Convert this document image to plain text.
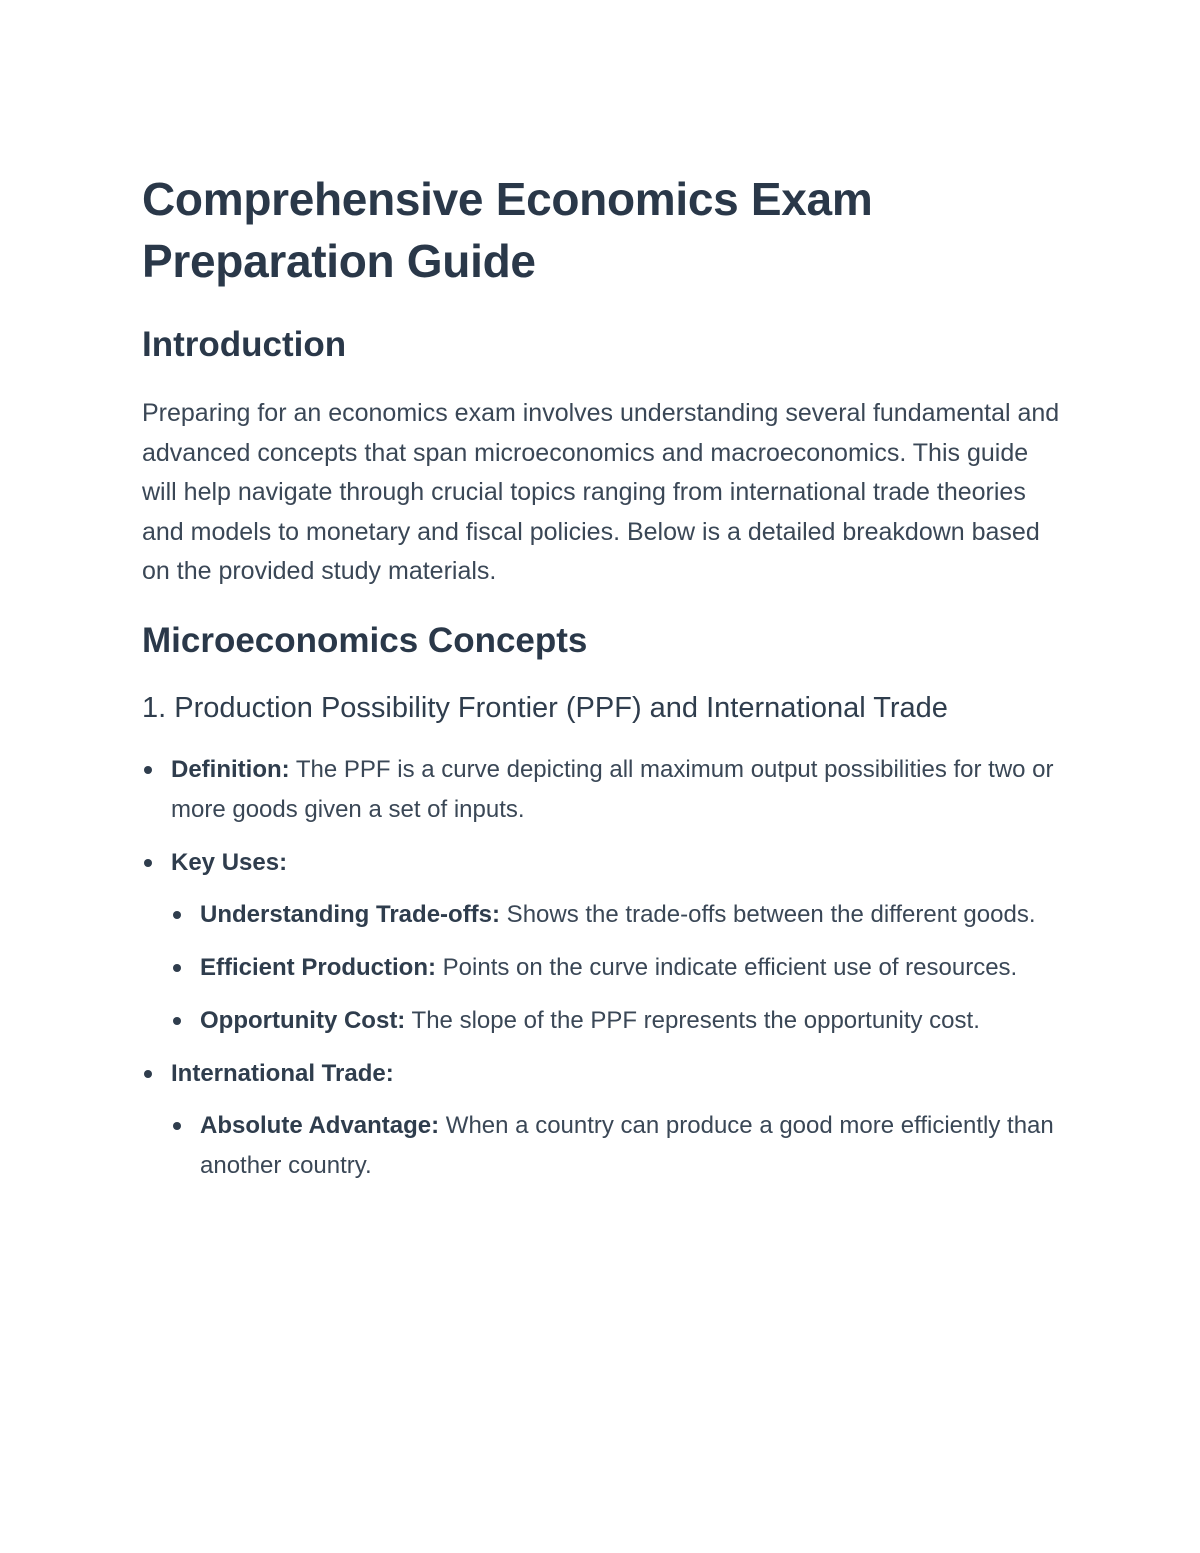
Comprehensive Economics Exam Preparation Guide
Introduction

Preparing for an economics exam involves understanding several fundamental and advanced concepts that span microeconomics and macroeconomics. This guide will help navigate through crucial topics ranging from international trade theories and models to monetary and fiscal policies. Below is a detailed breakdown based on the provided study materials.

Microeconomics Concepts
1. Production Possibility Frontier (PPF) and International Trade
Definition: The PPF is a curve depicting all maximum output possibilities for two or more goods given a set of inputs.
Key Uses:
Understanding Trade-offs: Shows the trade-offs between the different goods.
Efficient Production: Points on the curve indicate efficient use of resources.
Opportunity Cost: The slope of the PPF represents the opportunity cost.
International Trade:
Absolute Advantage: When a country can produce a good more efficiently than another country.
